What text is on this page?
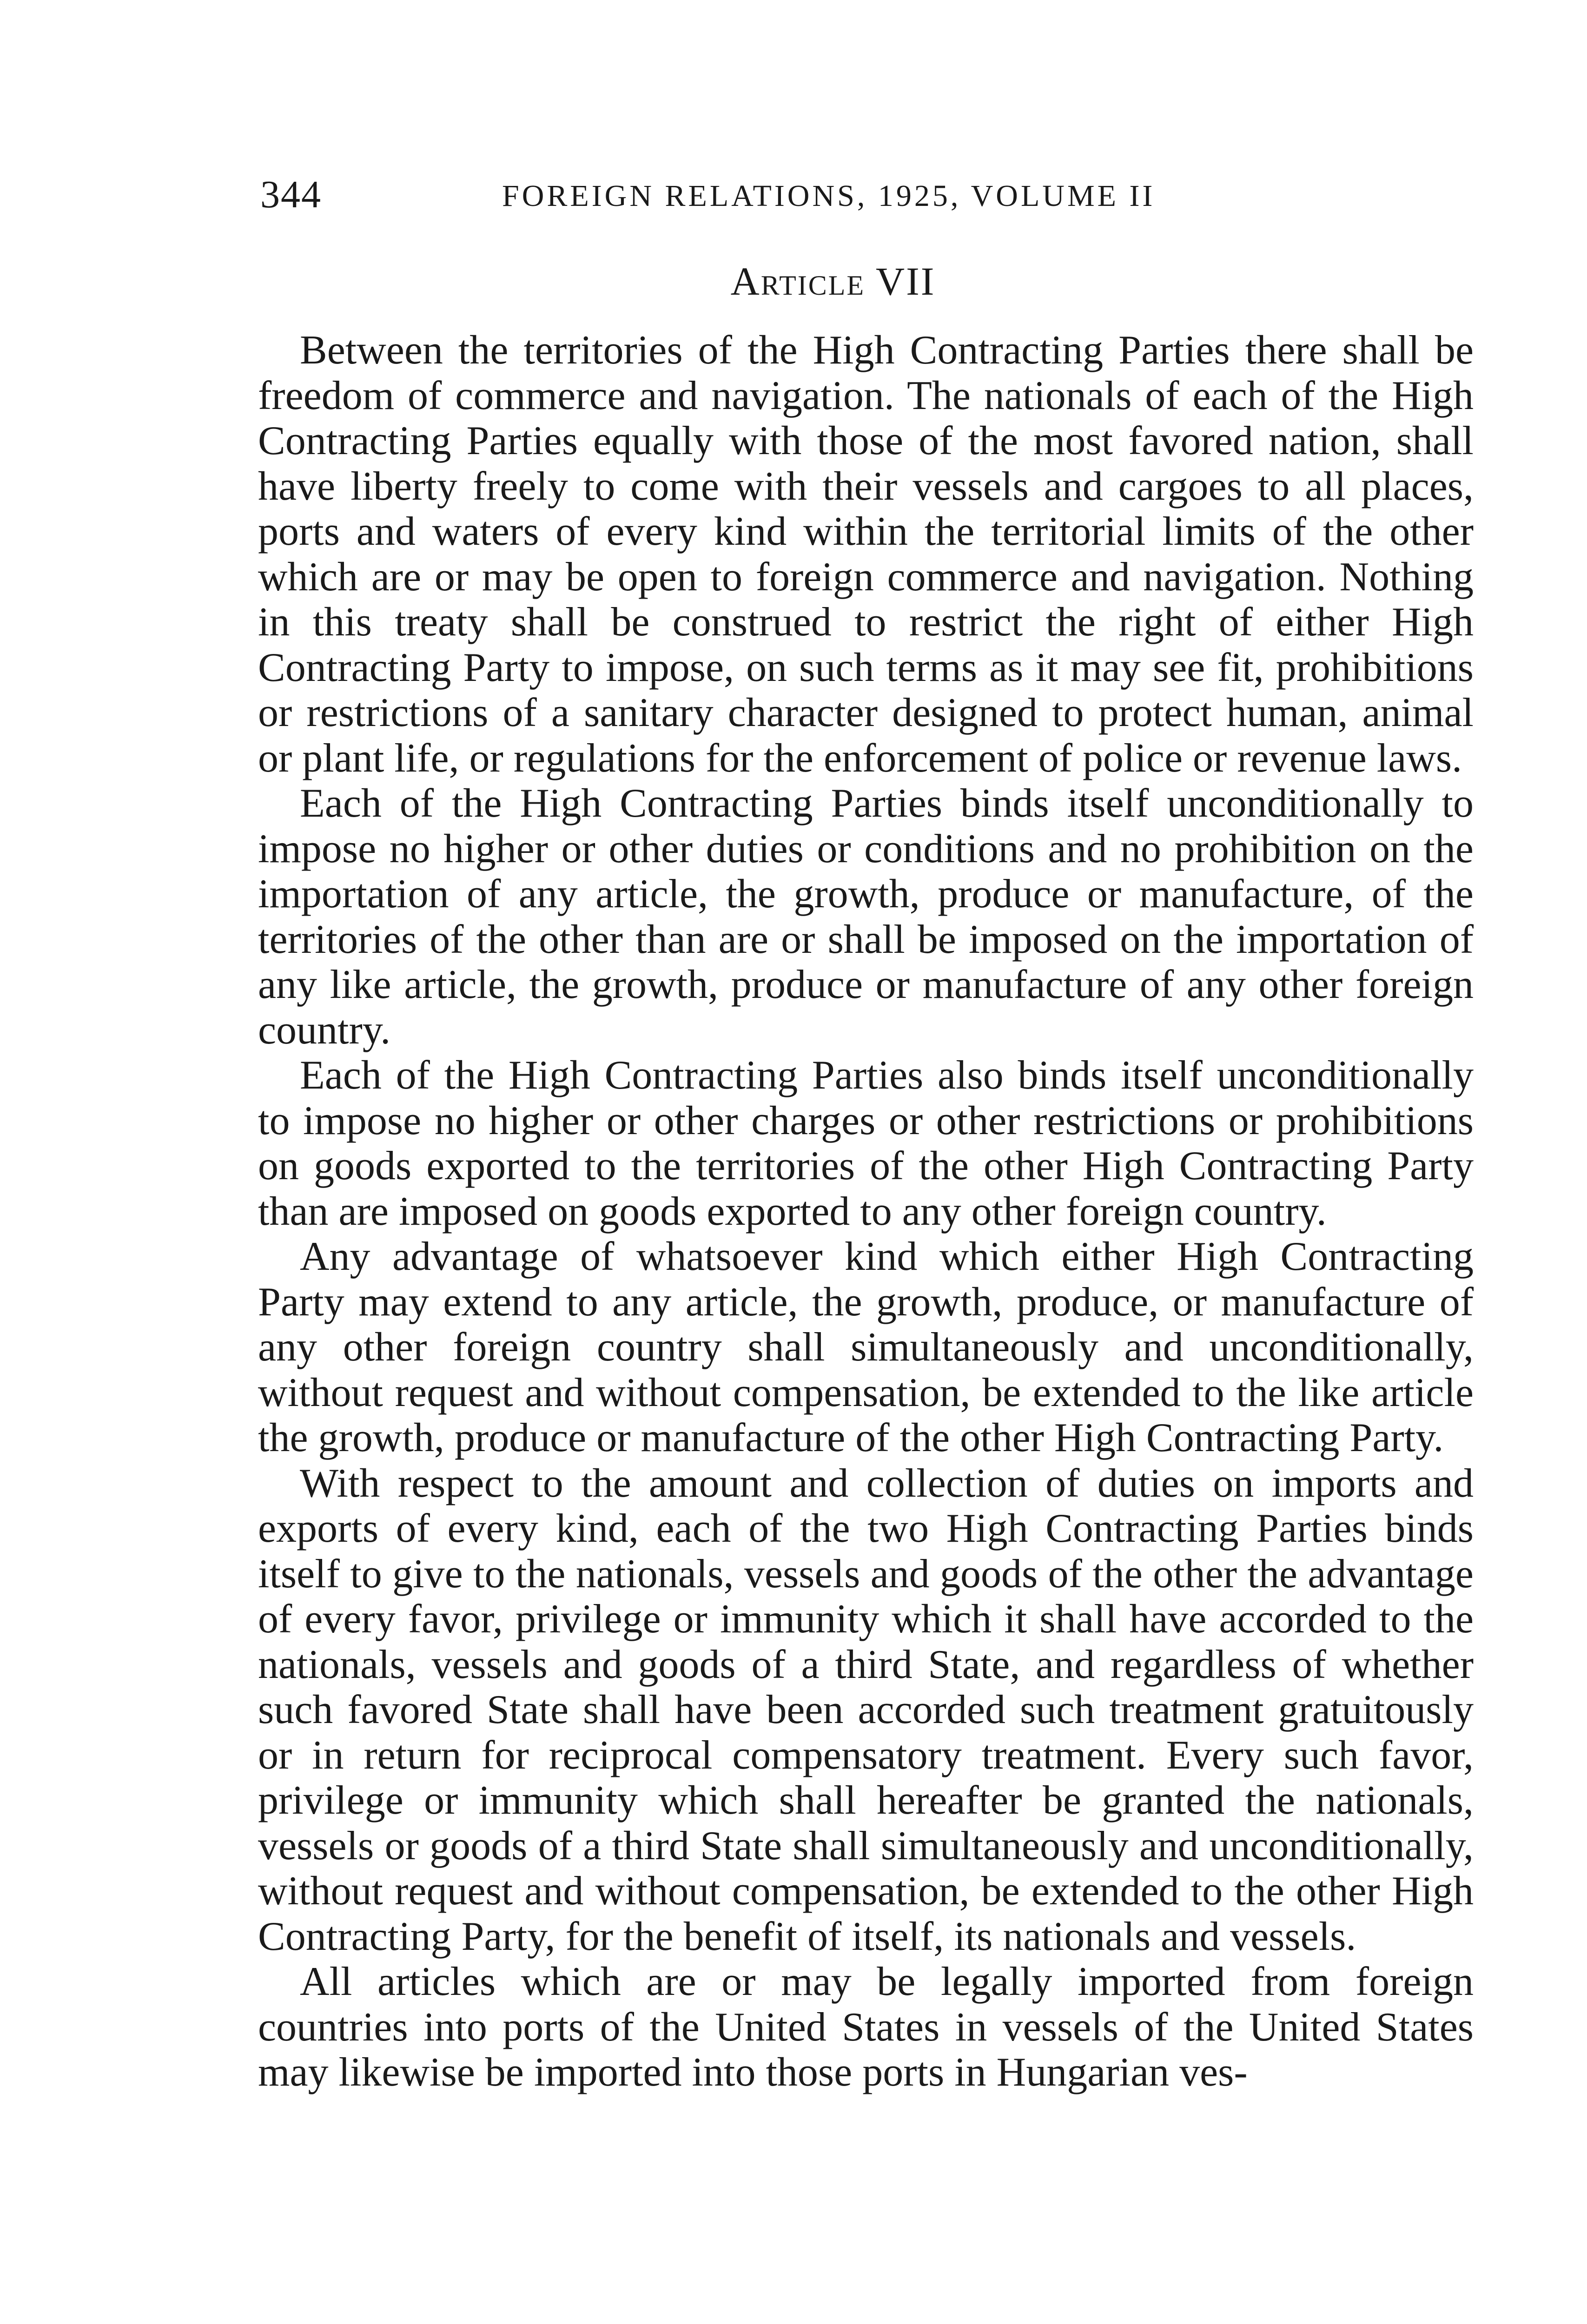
344	FOREIGN RELATIONS, 1925, VOLUME II
Article VII

Between the territories of the High Contracting Parties there shall be freedom of commerce and navigation. The nationals of each of the High Contracting Parties equally with those of the most favored nation, shall have liberty freely to come with their vessels and cargoes to all places, ports and waters of every kind within the territorial limits of the other which are or may be open to foreign commerce and navigation. Nothing in this treaty shall be construed to restrict the right of either High Contracting Party to impose, on such terms as it may see fit, prohibitions or restrictions of a sanitary character designed to protect human, animal or plant life, or regulations for the enforcement of police or revenue laws.

Each of the High Contracting Parties binds itself unconditionally to impose no higher or other duties or conditions and no prohibition on the importation of any article, the growth, produce or manufacture, of the territories of the other than are or shall be imposed on the importation of any like article, the growth, produce or manufacture of any other foreign country.

Each of the High Contracting Parties also binds itself unconditionally to impose no higher or other charges or other restrictions or prohibitions on goods exported to the territories of the other High Contracting Party than are imposed on goods exported to any other foreign country.

Any advantage of whatsoever kind which either High Contracting Party may extend to any article, the growth, produce, or manufacture of any other foreign country shall simultaneously and unconditionally, without request and without compensation, be extended to the like article the growth, produce or manufacture of the other High Contracting Party.

With respect to the amount and collection of duties on imports and exports of every kind, each of the two High Contracting Parties binds itself to give to the nationals, vessels and goods of the other the advantage of every favor, privilege or immunity which it shall have accorded to the nationals, vessels and goods of a third State, and regardless of whether such favored State shall have been accorded such treatment gratuitously or in return for reciprocal compensatory treatment. Every such favor, privilege or immunity which shall hereafter be granted the nationals, vessels or goods of a third State shall simultaneously and unconditionally, without request and without compensation, be extended to the other High Contracting Party, for the benefit of itself, its nationals and vessels.

All articles which are or may be legally imported from foreign countries into ports of the United States in vessels of the United States may likewise be imported into those ports in Hungarian ves-
